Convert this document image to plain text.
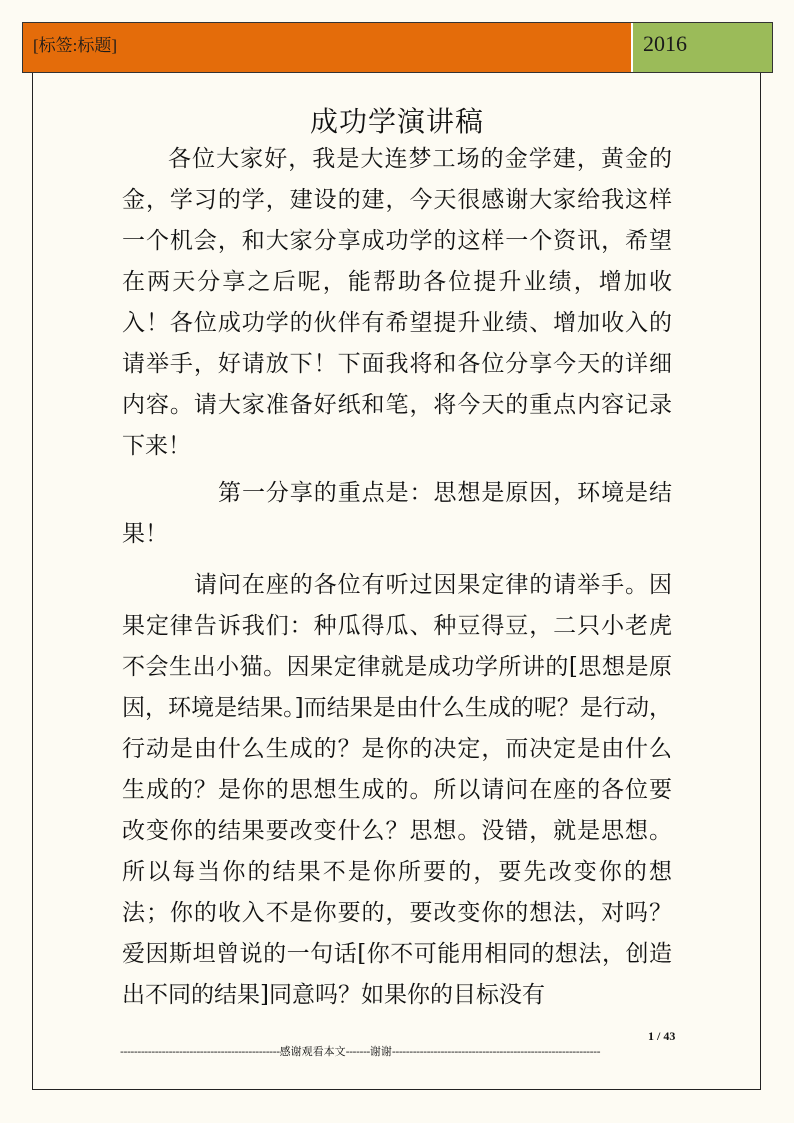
[标签:标题]	2016
成功学演讲稿

各位大家好，我是大连梦工场的金学建，黄金的金，学习的学，建设的建，今天很感谢大家给我这样一个机会，和大家分享成功学的这样一个资讯，希望在两天分享之后呢，能帮助各位提升业绩，增加收入！各位成功学的伙伴有希望提升业绩、增加收入的请举手，好请放下！下面我将和各位分享今天的详细内容。请大家准备好纸和笔，将今天的重点内容记录下来！

第一分享的重点是：思想是原因，环境是结果！

请问在座的各位有听过因果定律的请举手。因果定律告诉我们：种瓜得瓜、种豆得豆，二只小老虎不会生出小猫。因果定律就是成功学所讲的[思想是原因，环境是结果。]而结果是由什么生成的呢？是行动，行动是由什么生成的？是你的决定，而决定是由什么生成的？是你的思想生成的。所以请问在座的各位要改变你的结果要改变什么？思想。没错，就是思想。所以每当你的结果不是你所要的，要先改变你的想法；你的收入不是你要的，要改变你的想法，对吗？爱因斯坦曾说的一句话[你不可能用相同的想法，创造出不同的结果]同意吗？如果你的目标没有

1 / 43
----------------------------------------------感谢观看本文-------谢谢------------------------------------------------------------
